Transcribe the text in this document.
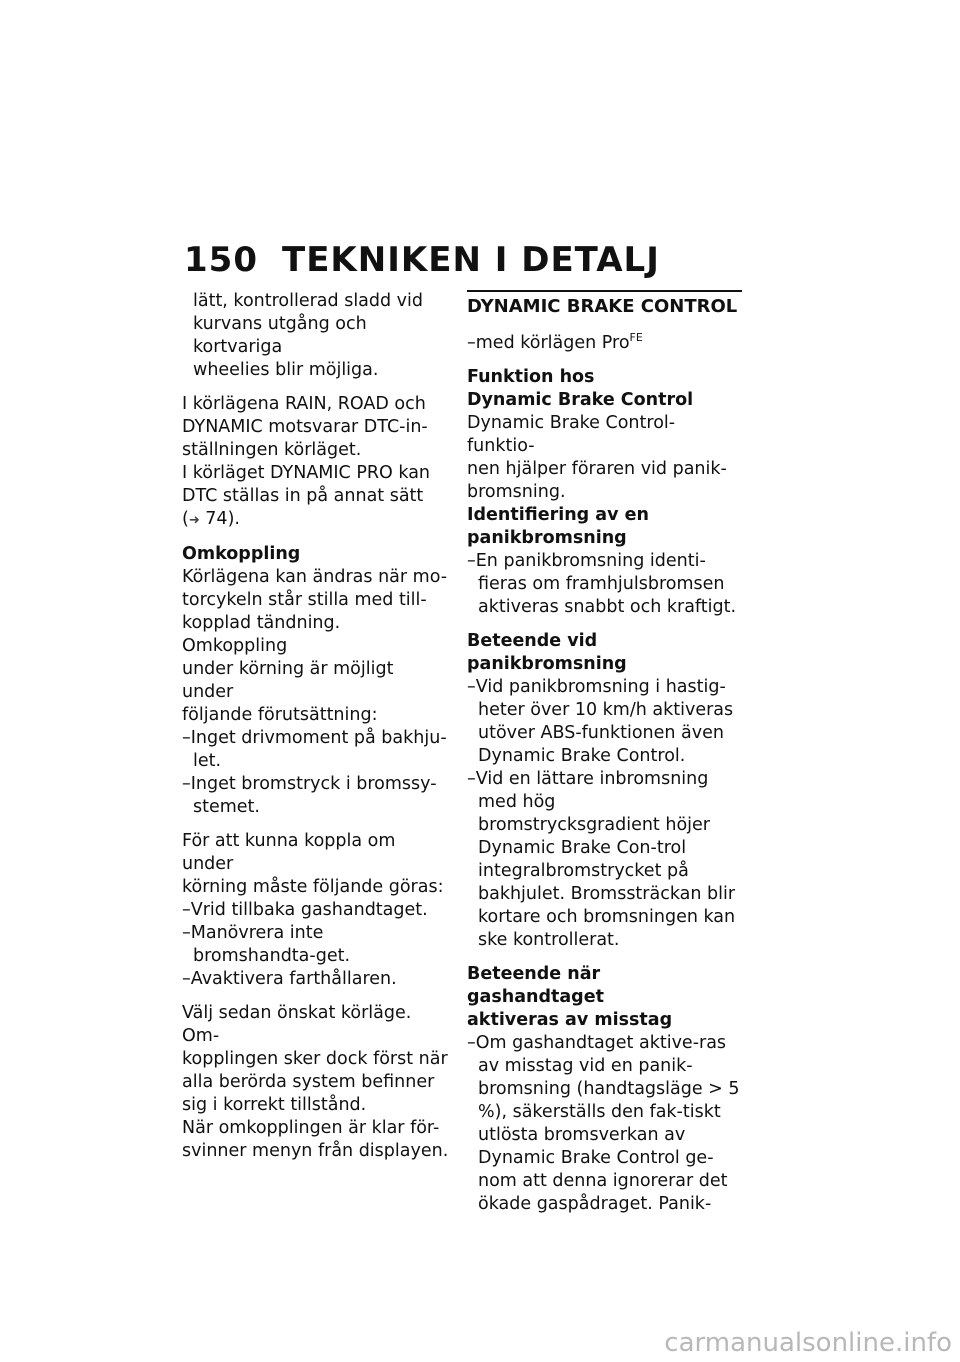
150 TEKNIKEN I DETALJ
lätt, kontrollerad sladd vid
kurvans utgång och kortvariga
wheelies blir möjliga.
I körlägena RAIN, ROAD och
DYNAMIC motsvarar DTC-in-
ställningen körläget.
I körläget DYNAMIC PRO kan
DTC ställas in på annat sätt
(➜ 74).
Omkoppling
Körlägena kan ändras när mo-
torcykeln står stilla med till-
kopplad tändning. Omkoppling
under körning är möjligt under
följande förutsättning:
–Inget drivmoment på bakhju-let.
–Inget bromstryck i bromssy-stemet.
För att kunna koppla om under
körning måste följande göras:
–Vrid tillbaka gashandtaget.
–Manövrera inte bromshandta-get.
–Avaktivera farthållaren.
Välj sedan önskat körläge. Om-
kopplingen sker dock först när
alla berörda system befinner
sig i korrekt tillstånd.
När omkopplingen är klar för-
svinner menyn från displayen.
DYNAMIC BRAKE CONTROL
–med körlägen Pro$^{FE}$
Funktion hos
Dynamic Brake Control
Dynamic Brake Control-funktio-
nen hjälper föraren vid panik-
bromsning.
Identifiering av en
panikbromsning
–En panikbromsning identi-fieras om framhjulsbromsen aktiveras snabbt och kraftigt.
Beteende vid panikbromsning
–Vid panikbromsning i hastig-heter över 10 km/h aktiveras utöver ABS-funktionen även Dynamic Brake Control.
–Vid en lättare inbromsning med hög bromstrycksgradient höjer Dynamic Brake Con-trol integralbromstrycket på bakhjulet. Bromssträckan blir kortare och bromsningen kan ske kontrollerat.
Beteende när gashandtaget
aktiveras av misstag
–Om gashandtaget aktive-ras av misstag vid en panik-bromsning (handtagsläge > 5 %), säkerställs den fak-tiskt utlösta bromsverkan av Dynamic Brake Control ge-nom att denna ignorerar det ökade gaspådraget. Panik-
carmanualsonline.info
